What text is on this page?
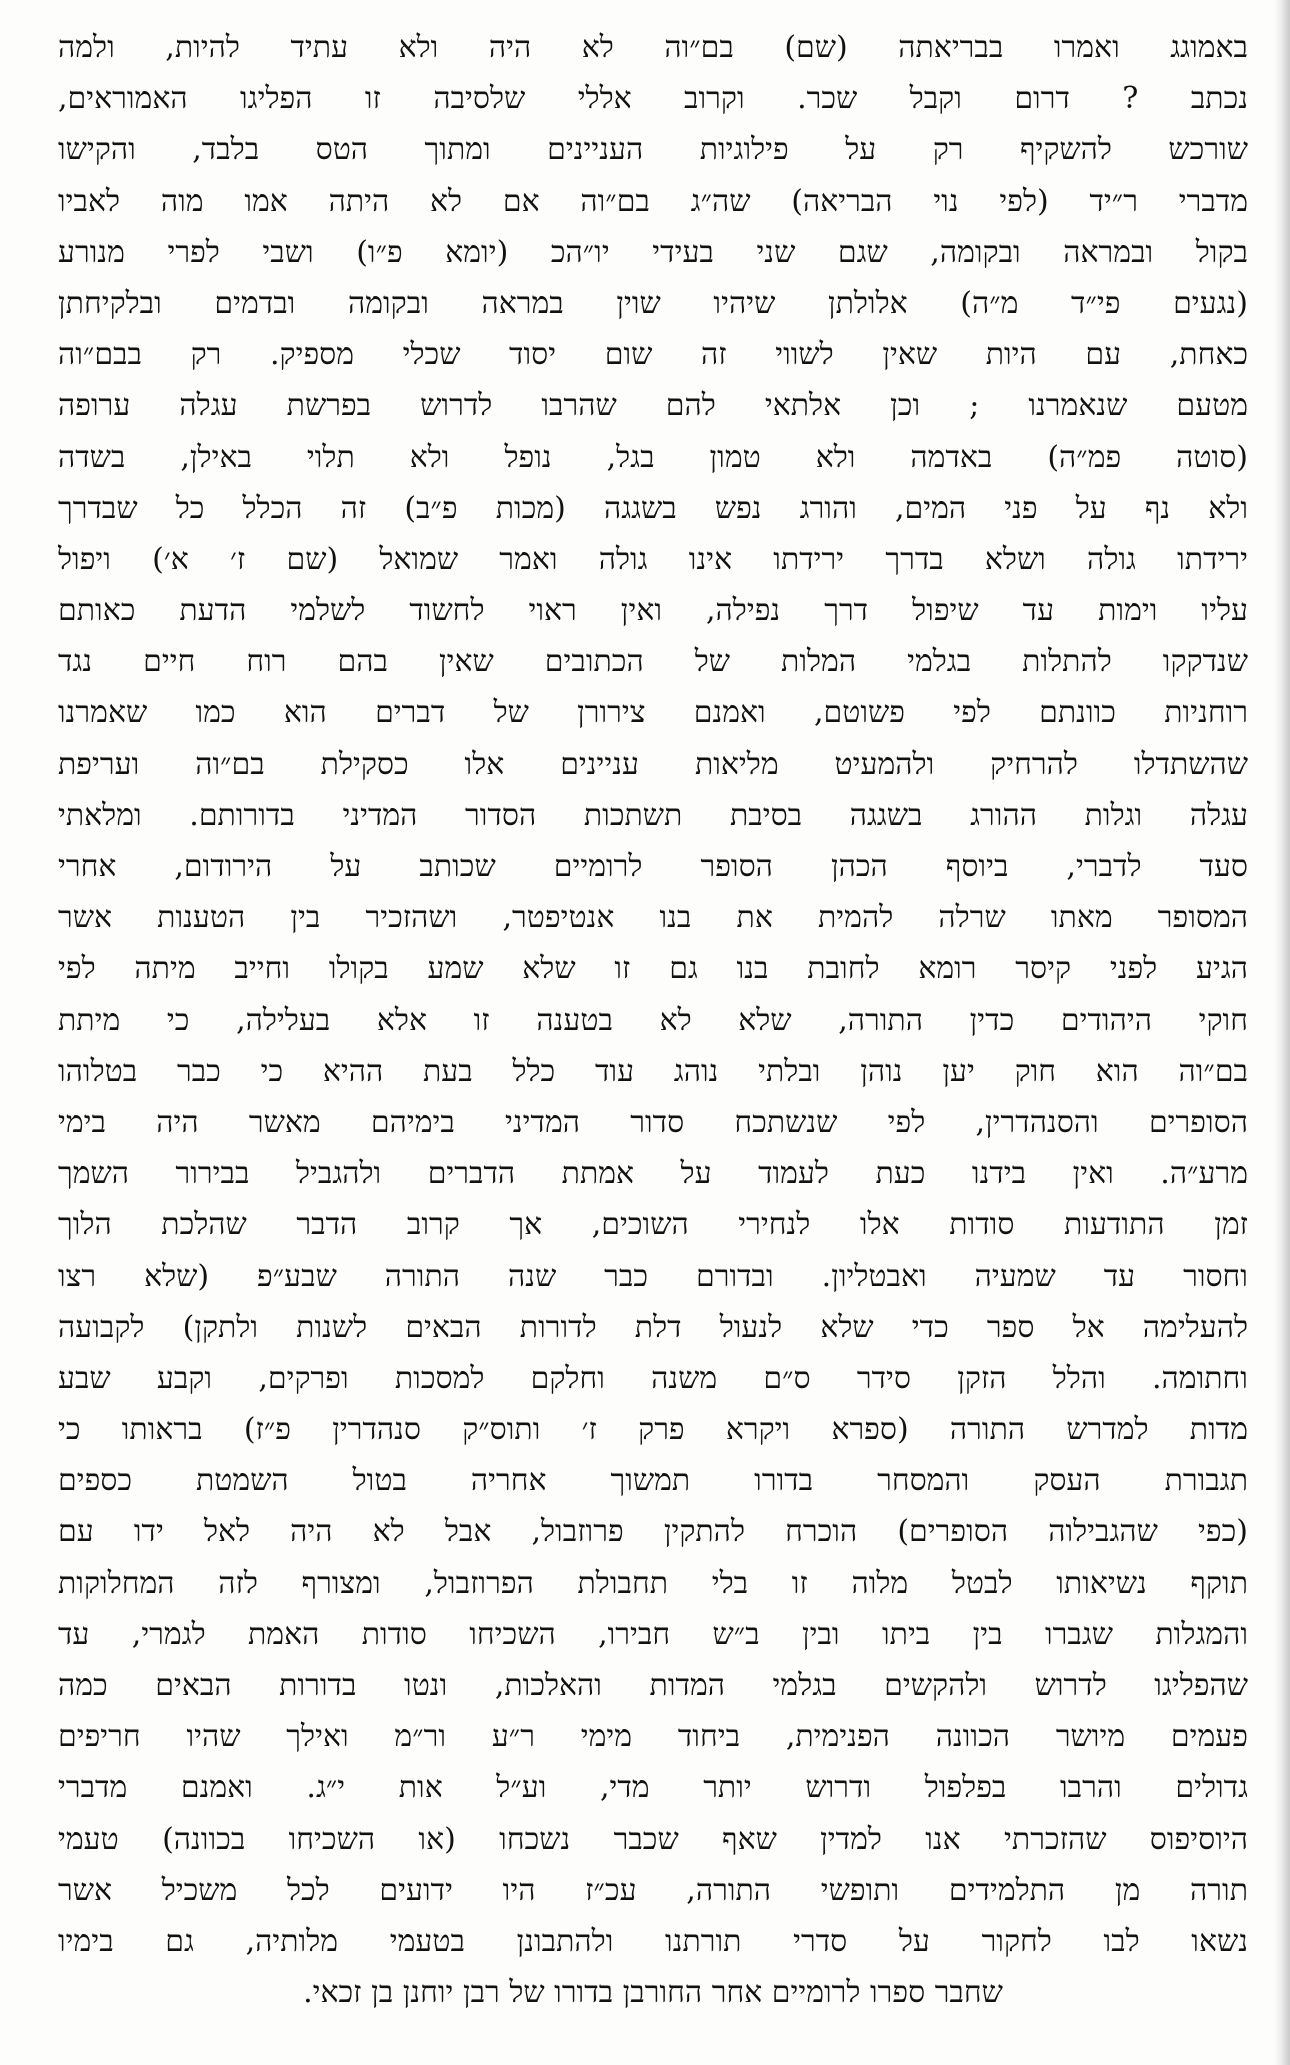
באמוגג ואמרו בבריאתה (שם) בם״וה לא היה ולא עתיד להיות, ולמה
נכתב ? דרום וקבל שכר. וקרוב אללי שלסיבה זו הפליגו האמוראים,
שורכש להשקיף רק על פילוגיות העניינים ומתוך הטס בלבד, והקישו
מדברי ר״יד (לפי נוי הבריאה) שה״ג בם״וה אם לא היתה אמו מוה לאביו
בקול ובמראה ובקומה, שגם שני בעידי יו״הכ (יומא פ״ו) ושבי לפרי מנורע
(נגעים פי״ד מ״ה) אלולתן שיהיו שוין במראה ובקומה ובדמים ובלקיחתן
כאחת, עם היות שאין לשווי זה שום יסוד שכלי מספיק. רק בבם״וה
מטעם שנאמרנו ; וכן אלתאי להם שהרבו לדרוש בפרשת עגלה ערופה
(סוטה פמ״ה) באדמה ולא טמון בגל, נופל ולא תלוי באילן, בשדה
ולא נף על פני המים, והורג נפש בשגגה (מכות פ״ב) זה הכלל כל שבדרך
ירידתו גולה ושלא בדרך ירידתו אינו גולה ואמר שמואל (שם ז׳ א׳) ויפול
עליו וימות עד שיפול דרך נפילה, ואין ראוי לחשוד לשלמי הדעת כאותם
שנדקקו להתלות בגלמי המלות של הכתובים שאין בהם רוח חיים נגד
רוחניות כוונתם לפי פשוטם, ואמנם צירורן של דברים הוא כמו שאמרנו
שהשתדלו להרחיק ולהמעיט מליאות עניינים אלו כסקילת בם״וה ועריפת
עגלה וגלות ההורג בשגגה בסיבת תשתכות הסדור המדיני בדורותם. ומלאתי
סעד לדברי, ביוסף הכהן הסופר לרומיים שכותב על הירודום, אחרי
המסופר מאתו שרלה להמית את בנו אנטיפטר, ושהזכיר בין הטענות אשר
הגיע לפני קיסר רומא לחובת בנו גם זו שלא שמע בקולו וחייב מיתה לפי
חוקי היהודים כדין התורה, שלא לא בטענה זו אלא בעלילה, כי מיתת
בם״וה הוא חוק יען נוהן ובלתי נוהג עוד כלל בעת ההיא כי כבר בטלוהו
הסופרים והסנהדרין, לפי שנשתכח סדור המדיני בימיהם מאשר היה בימי
מרע״ה. ואין בידנו כעת לעמוד על אמתת הדברים ולהגביל בבירור השמך
זמן התודעות סודות אלו לנחירי השוכים, אך קרוב הדבר שהלכת הלוך
וחסור עד שמעיה ואבטליון. ובדורם כבר שנה התורה שבע״פ (שלא רצו
להעלימה אל ספר כדי שלא לנעול דלת לדורות הבאים לשנות ולתקן) לקבועה
וחתומה. והלל הזקן סידר ס״ם משנה וחלקם למסכות ופרקים, וקבע שבע
מדות למדרש התורה (ספרא ויקרא פרק ז׳ ותוס״ק סנהדרין פ״ז) בראותו כי
תגבורת העסק והמסחר בדורו תמשוך אחריה בטול השמטת כספים
(כפי שהגבילוה הסופרים) הוכרח להתקין פרוזבול, אבל לא היה לאל ידו עם
תוקף נשיאותו לבטל מלוה זו בלי תחבולת הפרוזבול, ומצורף לזה המחלוקות
והמגלות שגברו בין ביתו ובין ב״ש חבירו, השכיחו סודות האמת לגמרי, עד
שהפליגו לדרוש ולהקשים בגלמי המדות והאלכות, ונטו בדורות הבאים כמה
פעמים מיושר הכוונה הפנימית, ביחוד מימי ר״ע ור״מ ואילך שהיו חריפים
גדולים והרבו בפלפול ודרוש יותר מדי, וע״ל אות י״ג. ואמנם מדברי
היוסיפוס שהזכרתי אנו למדין שאף שכבר נשכחו (או השכיחו בכוונה) טעמי
תורה מן התלמידים ותופשי התורה, עכ״ז היו ידועים לכל משכיל אשר
נשאו לבו לחקור על סדרי תורתנו ולהתבונן בטעמי מלותיה, גם בימיו
שחבר ספרו לרומיים אחר החורבן בדורו של רבן יוחנן בן זכאי.
